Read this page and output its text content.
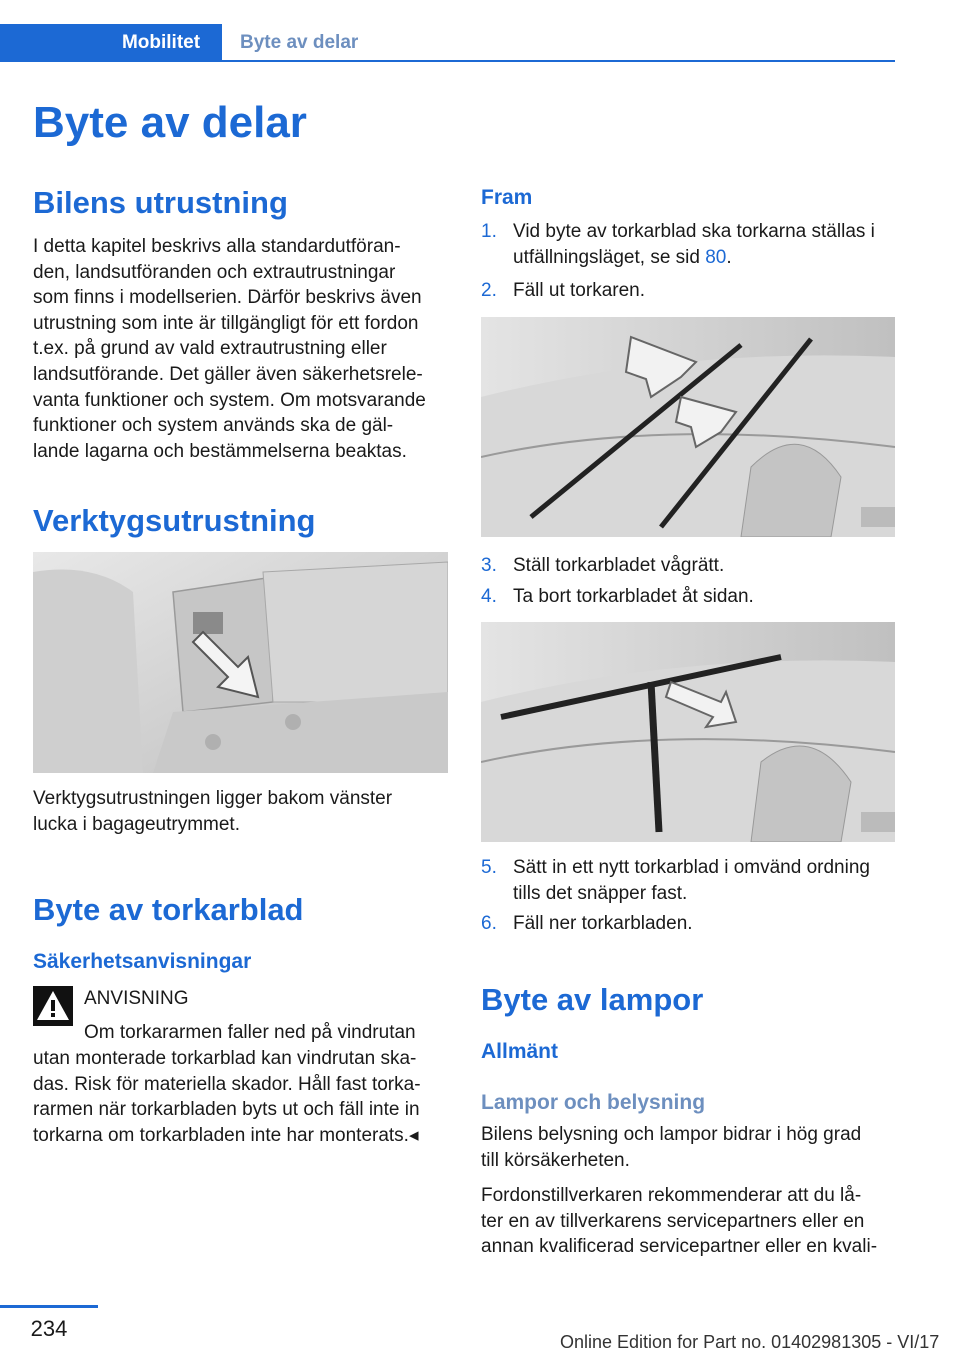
Mobilitet	Byte av delar
Byte av delar
Bilens utrustning
I detta kapitel beskrivs alla standardutföran-
den, landsutföranden och extrautrustningar
som finns i modellserien. Därför beskrivs även
utrustning som inte är tillgängligt för ett fordon
t.ex. på grund av vald extrautrustning eller
landsutförande. Det gäller även säkerhetsrele-
vanta funktioner och system. Om motsvarande
funktioner och system används ska de gäl-
lande lagarna och bestämmelserna beaktas.
Verktygsutrustning
Verktygsutrustningen ligger bakom vänster
lucka i bagageutrymmet.
Byte av torkarblad
Säkerhetsanvisningar
ANVISNING
Om torkararmen faller ned på vindrutan
utan monterade torkarblad kan vindrutan ska-
das. Risk för materiella skador. Håll fast torka-
rarmen när torkarbladen byts ut och fäll inte in
torkarna om torkarbladen inte har monterats.◂
Fram
1. Vid byte av torkarblad ska torkarna ställas i
utfällningsläget, se sid 80.
2. Fäll ut torkaren.
3. Ställ torkarbladet vågrätt.
4. Ta bort torkarbladet åt sidan.
5. Sätt in ett nytt torkarblad i omvänd ordning
tills det snäpper fast.
6. Fäll ner torkarbladen.
Byte av lampor
Allmänt
Lampor och belysning
Bilens belysning och lampor bidrar i hög grad
till körsäkerheten.
Fordonstillverkaren rekommenderar att du lå-
ter en av tillverkarens servicepartners eller en
annan kvalificerad servicepartner eller en kvali-
234
Online Edition for Part no. 01402981305 - VI/17
